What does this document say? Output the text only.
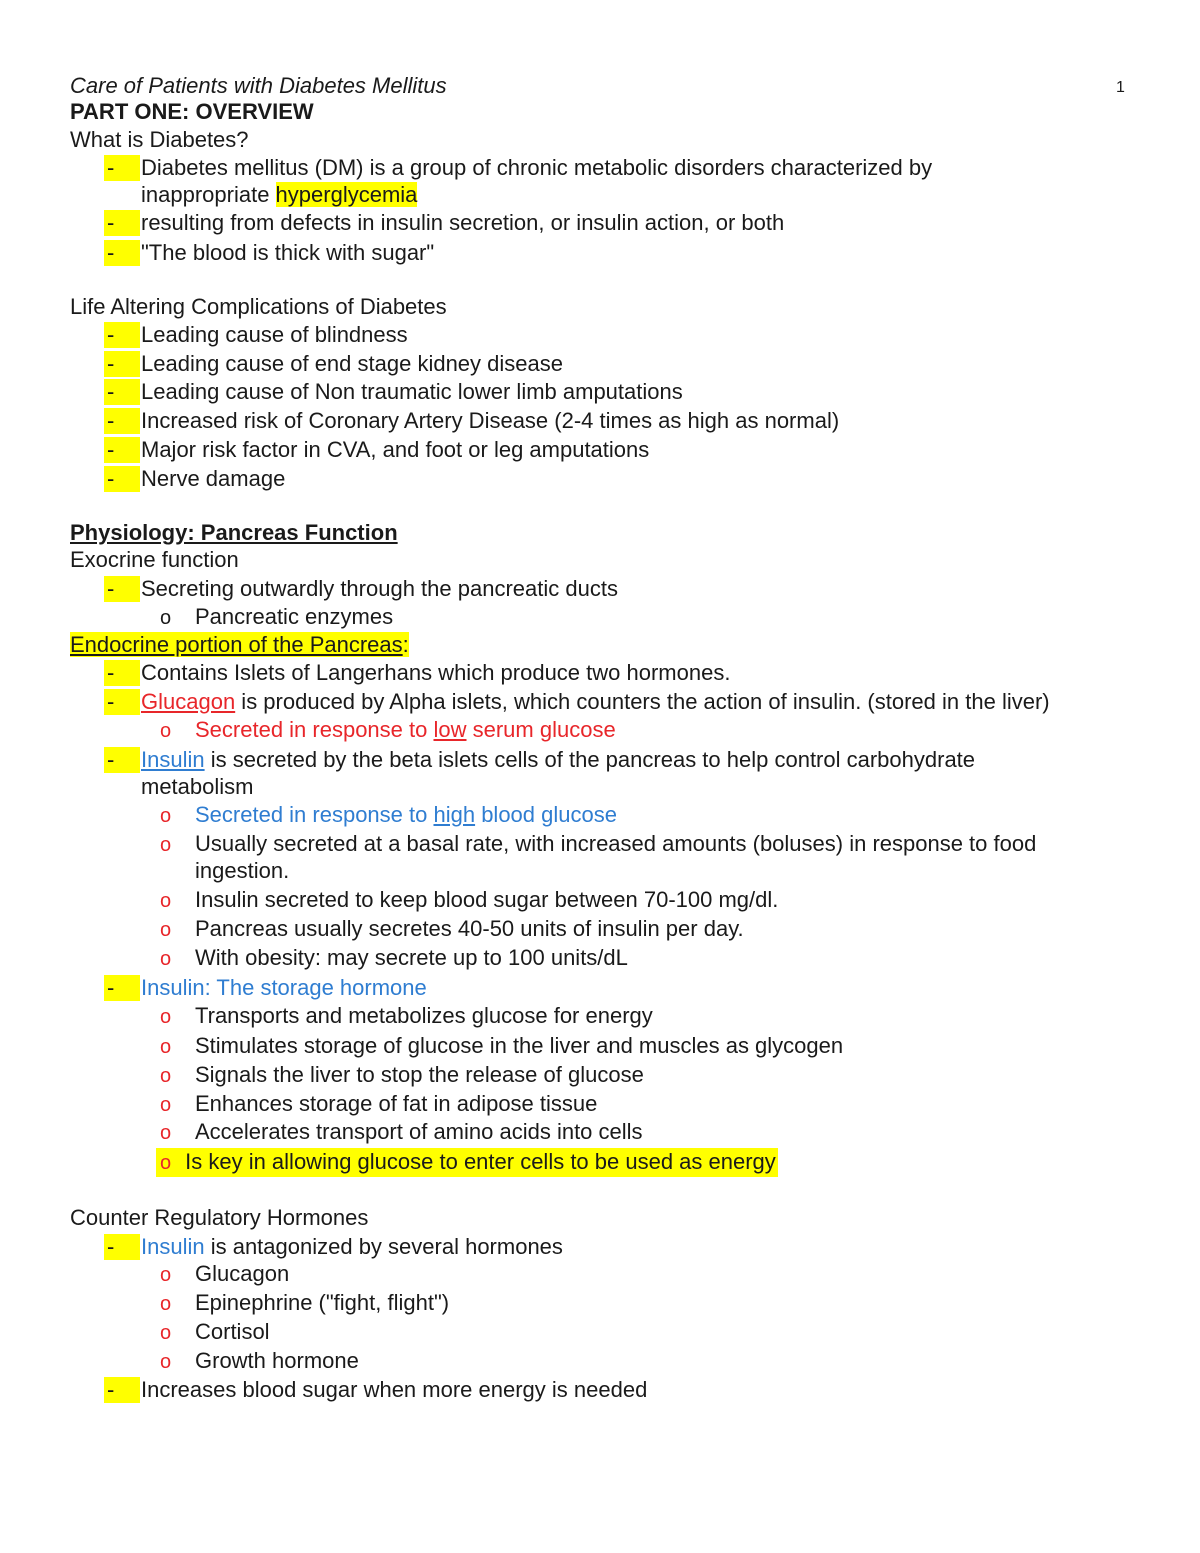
Care of Patients with Diabetes Mellitus	1
PART ONE: OVERVIEW
What is Diabetes?
-	Diabetes mellitus (DM) is a group of chronic metabolic disorders characterized by
inappropriate hyperglycemia
-	resulting from defects in insulin secretion, or insulin action, or both
-	"The blood is thick with sugar"
Life Altering Complications of Diabetes
-	Leading cause of blindness
-	Leading cause of end stage kidney disease
-	Leading cause of Non traumatic lower limb amputations
-	Increased risk of Coronary Artery Disease (2-4 times as high as normal)
-	Major risk factor in CVA, and foot or leg amputations
-	Nerve damage
Physiology: Pancreas Function
Exocrine function
-	Secreting outwardly through the pancreatic ducts
o Pancreatic enzymes
Endocrine portion of the Pancreas:
-	Contains Islets of Langerhans which produce two hormones.
-	Glucagon is produced by Alpha islets, which counters the action of insulin. (stored in the liver)
o Secreted in response to low serum glucose
-	Insulin is secreted by the beta islets cells of the pancreas to help control carbohydrate
metabolism
o Secreted in response to high blood glucose
o Usually secreted at a basal rate, with increased amounts (boluses) in response to food
ingestion.
o Insulin secreted to keep blood sugar between 70-100 mg/dl.
o Pancreas usually secretes 40-50 units of insulin per day.
o With obesity: may secrete up to 100 units/dL
-	Insulin: The storage hormone
o Transports and metabolizes glucose for energy
o Stimulates storage of glucose in the liver and muscles as glycogen
o Signals the liver to stop the release of glucose
o Enhances storage of fat in adipose tissue
o Accelerates transport of amino acids into cells
o Is key in allowing glucose to enter cells to be used as energy
Counter Regulatory Hormones
-	Insulin is antagonized by several hormones
o Glucagon
o Epinephrine ("fight, flight")
o Cortisol
o Growth hormone
-	Increases blood sugar when more energy is needed
